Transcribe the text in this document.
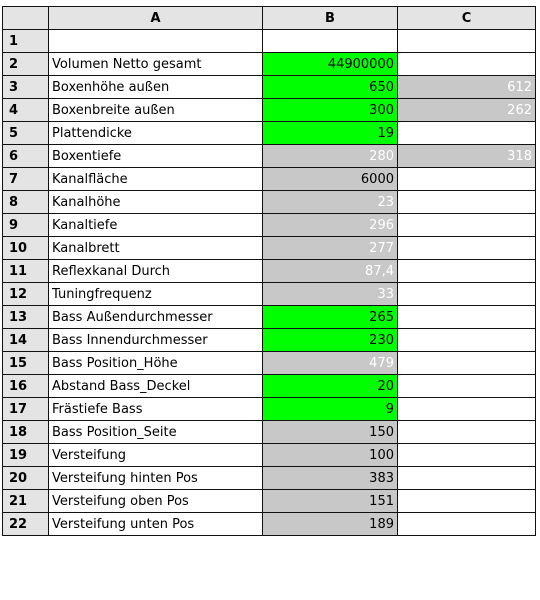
	A	B	C
1			
2	Volumen Netto gesamt	44900000	
3	Boxenhöhe außen	650	612
4	Boxenbreite außen	300	262
5	Plattendicke	19	
6	Boxentiefe	280	318
7	Kanalfläche	6000	
8	Kanalhöhe	23	
9	Kanaltiefe	296	
10	Kanalbrett	277	
11	Reflexkanal Durch	87,4	
12	Tuningfrequenz	33	
13	Bass Außendurchmesser	265	
14	Bass Innendurchmesser	230	
15	Bass Position_Höhe	479	
16	Abstand Bass_Deckel	20	
17	Frästiefe Bass	9	
18	Bass Position_Seite	150	
19	Versteifung	100	
20	Versteifung hinten Pos	383	
21	Versteifung oben Pos	151	
22	Versteifung unten Pos	189	
